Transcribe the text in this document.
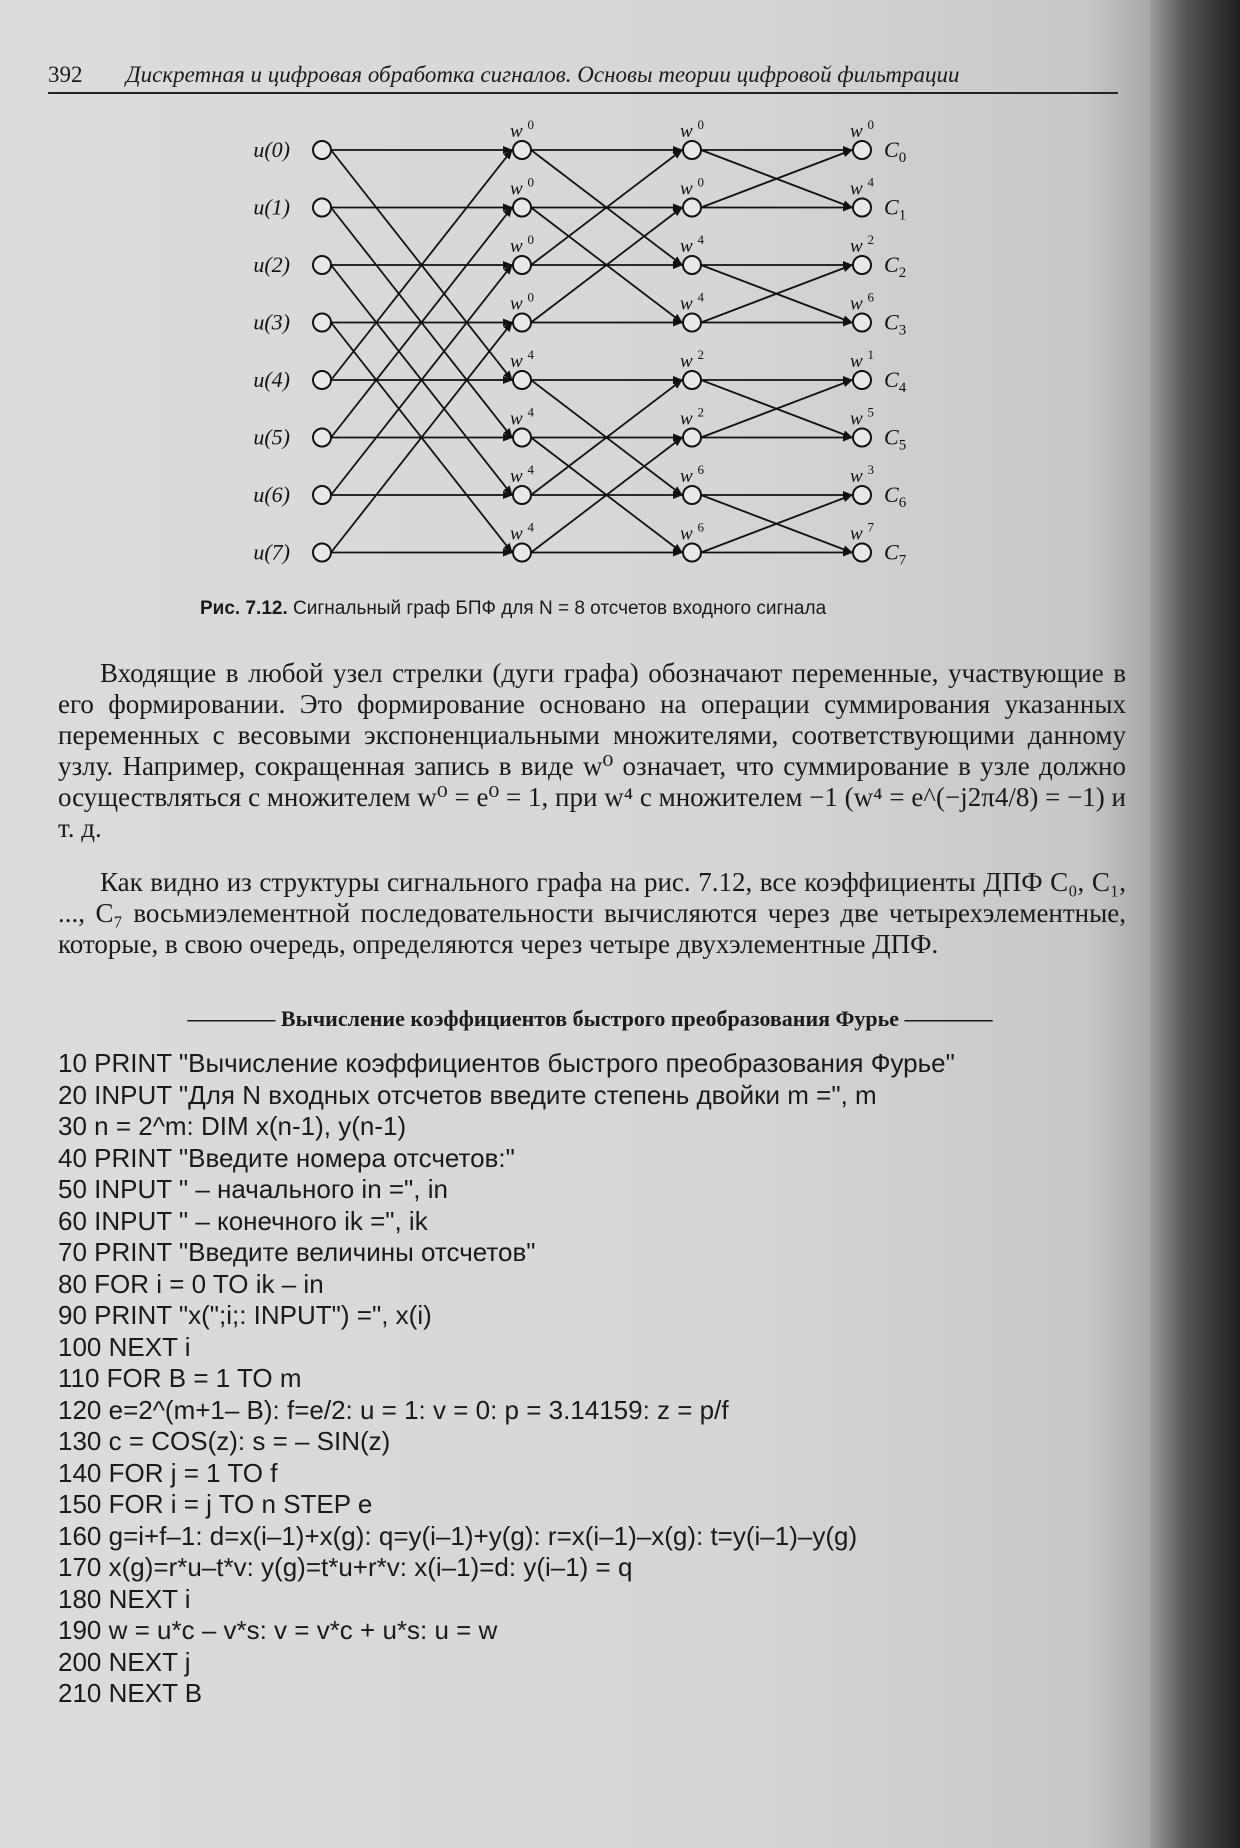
392 Дискретная и цифровая обработка сигналов. Основы теории цифровой фильтрации
u(0)
u(1)
u(2)
u(3)
u(4)
u(5)
u(6)
u(7)
$C_0$
$C_1$
$C_2$
$C_3$
$C_4$
$C_5$
$C_6$
$C_7$
w $^0$
w $^0$
w $^0$
w $^0$
w $^4$
w $^4$
w $^4$
w $^4$
w $^0$
w $^0$
w $^4$
w $^4$
w $^2$
w $^2$
w $^6$
w $^6$
w $^0$
w $^4$
w $^2$
w $^6$
w $^1$
w $^5$
w $^3$
w $^7$
Рис. 7.12. Сигнальный граф БПФ для N = 8 отсчетов входного сигнала

Входящие в любой узел стрелки (дуги графа) обозначают переменные, участвующие в его формировании. Это формирование основано на операции суммирования указанных переменных с весовыми экспоненциальными множителями, соответствующими данному узлу. Например, сокращенная запись в виде w⁰ означает, что суммирование в узле должно осуществляться с множителем w⁰ = e⁰ = 1, при w⁴ с множителем −1 (w⁴ = e^(−j2π4/8) = −1) и т. д.

Как видно из структуры сигнального графа на рис. 7.12, все коэффициенты ДПФ C₀, C₁, ..., C₇ восьмиэлементной последовательности вычисляются через две четырехэлементные, которые, в свою очередь, определяются через четыре двухэлементные ДПФ.

———— Вычисление коэффициентов быстрого преобразования Фурье ————
10 PRINT "Вычисление коэффициентов быстрого преобразования Фурье"
20 INPUT "Для N входных отсчетов введите степень двойки m =", m
30 n = 2^m: DIM x(n-1), y(n-1)
40 PRINT "Введите номера отсчетов:"
50 INPUT " – начального in =", in
60 INPUT " – конечного ik =", ik
70 PRINT "Введите величины отсчетов"
80 FOR i = 0 TO ik – in
90 PRINT "x(";i;: INPUT") =", x(i)
100 NEXT i
110 FOR B = 1 TO m
120 e=2^(m+1– B): f=e/2: u = 1: v = 0: p = 3.14159: z = p/f
130 c = COS(z): s = – SIN(z)
140 FOR j = 1 TO f
150 FOR i = j TO n STEP e
160 g=i+f–1: d=x(i–1)+x(g): q=y(i–1)+y(g): r=x(i–1)–x(g): t=y(i–1)–y(g)
170 x(g)=r*u–t*v: y(g)=t*u+r*v: x(i–1)=d: y(i–1) = q
180 NEXT i
190 w = u*c – v*s: v = v*c + u*s: u = w
200 NEXT j
210 NEXT B
